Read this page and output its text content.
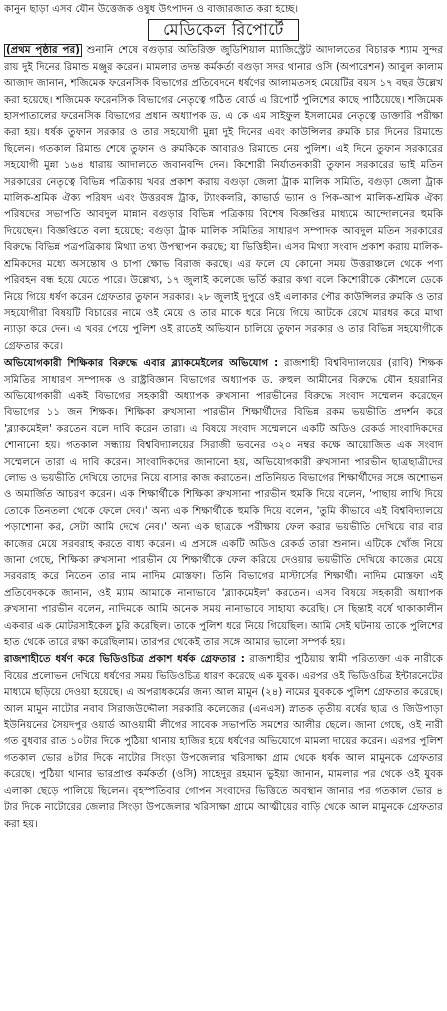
কানুন ছাড়া এসব যৌন উত্তেজক ওষুধ উৎপাদন ও বাজারজাত করা হচ্ছে।
মেডিকেল রিপোর্টে

(প্রথম পৃষ্ঠার পর) শুনানি শেষে বগুড়ার অতিরিক্ত জুডিশিয়াল ম্যাজিস্ট্রেট আদালতের বিচারক শ্যাম সুন্দর রায় দুই দিনের রিমান্ড মঞ্জুর করেন। মামলার তদন্ত কর্মকর্তা বগুড়া সদর থানার ওসি (অপারেশন) আবুল কালাম আজাদ জানান, শজিমেক ফরেনসিক বিভাগের প্রতিবেদনে ধর্ষণের আলামতসহ মেয়েটির বয়স ১৭ বছর উল্লেখ করা হয়েছে। শজিমেক ফরেনসিক বিভাগের নেতৃত্বে গঠিত বোর্ড এ রিপোর্ট পুলিশের কাছে পাঠিয়েছে। শজিমেক হাসপাতালের ফরেনসিক বিভাগের প্রধান অধ্যাপক ড. এ কে এম সাইফুল ইসলামের নেতৃত্বে ডাক্তারি পরীক্ষা করা হয়। ধর্ষক তুফান সরকার ও তার সহযোগী মুন্না দুই দিনের এবং কাউন্সিলর রুমকি চার দিনের রিমান্ডে ছিলেন। গতকাল রিমান্ড শেষে তুফান ও রুমকিকে আবারও রিমান্ডে নেয় পুলিশ। এই দিনে তুফান সরকারের সহযোগী মুন্না ১৬৪ ধারায় আদালতে জবানবন্দি দেন। কিশোরী নির্যাতনকারী তুফান সরকারের ভাই মতিন সরকারের নেতৃত্বে বিভিন্ন পত্রিকায় খবর প্রকাশ করায় বগুড়া জেলা ট্রাক মালিক সমিতি, বগুড়া জেলা ট্রাক মালিক-শ্রমিক ঐক্য পরিষদ এবং উত্তরবঙ্গ ট্রাক, ট্যাংকলরি, কাভার্ড ভ্যান ও পিক-আপ মালিক-শ্রমিক ঐক্য পরিষদের সভাপতি আবদুল মান্নান বগুড়ার বিভিন্ন পত্রিকায় বিশেষ বিজ্ঞপ্তির মাধ্যমে আন্দোলনের হুমকি দিয়েছেন। বিজ্ঞপ্তিতে বলা হয়েছে: বগুড়া ট্রাক মালিক সমিতির সাধারণ সম্পাদক আবদুল মতিন সরকারের বিরুদ্ধে বিভিন্ন পত্রপত্রিকায় মিথ্যা তথ্য উপস্থাপন করছে; যা ভিত্তিহীন। এসব মিথ্যা সংবাদ প্রকাশ করায় মালিক-শ্রমিকদের মধ্যে অসন্তোষ ও চাপা ক্ষোভ বিরাজ করছে। এর ফলে যে কোনো সময় উত্তরাঞ্চলে থেকে পণ্য পরিবহন বন্ধ হয়ে যেতে পারে। উল্লেখ্য, ১৭ জুলাই কলেজে ভর্তি করার কথা বলে কিশোরীকে কৌশলে ডেকে নিয়ে গিয়ে ধর্ষণ করেন গ্রেফতার তুফান সরকার। ২৮ জুলাই দুপুরে ওই এলাকার পৌর কাউন্সিলর রুমকি ও তার সহযোগীরা বিষয়টি বিচারের নামে ওই মেয়ে ও তার মাকে ধরে নিয়ে গিয়ে আটকে রেখে মারধর করে মাথা ন্যাড়া করে দেন। এ খবর পেয়ে পুলিশ ওই রাতেই অভিযান চালিয়ে তুফান সরকার ও তার বিভিন্ন সহযোগীকে গ্রেফতার করে।

অভিযোগকারী শিক্ষিকার বিরুদ্ধে এবার ব্ল্যাকমেইলের অভিযোগ : রাজশাহী বিশ্ববিদ্যালয়ের (রাবি) শিক্ষক সমিতির সাধারণ সম্পাদক ও রাষ্ট্রবিজ্ঞান বিভাগের অধ্যাপক ড. রুহুল আমীনের বিরুদ্ধে যৌন হয়রানির অভিযোগকারী একই বিভাগের সহকারী অধ্যাপক রুখসানা পারভীনের বিরুদ্ধে সংবাদ সম্মেলন করেছেন বিভাগের ১১ জন শিক্ষক। শিক্ষিকা রুখসানা পারভীন শিক্ষার্থীদের বিভিন্ন রকম ভয়ভীতি প্রদর্শন করে 'ব্ল্যাকমেইল' করতেন বলে দাবি করেন তারা। এ বিষয়ে সংবাদ সম্মেলনে একটি অডিও রেকর্ড সাংবাদিকদের শোনানো হয়। গতকাল সন্ধ্যায় বিশ্ববিদ্যালয়ের সিরাজী ভবনের ৩২০ নম্বর কক্ষে আয়োজিত এক সংবাদ সম্মেলনে তারা এ দাবি করেন। সাংবাদিকদের জানানো হয়, অভিযোগকারী রুখসানা পারভীন ছাত্রছাত্রীদের লোভ ও ভয়ভীতি দেখিয়ে তাদের নিয়ে বাসার কাজ করাতেন। প্রতিনিয়ত বিভাগের শিক্ষার্থীদের সঙ্গে অশোভন ও অমার্জিত আচরণ করেন। এক শিক্ষার্থীকে শিক্ষিকা রুখসানা পারভীন হুমকি দিয়ে বলেন, 'পাছায় লাথি দিয়ে তোকে তিনতলা থেকে ফেলে দেব।' অন্য এক শিক্ষার্থীকে হুমকি দিয়ে বলেন, 'তুমি কীভাবে এই বিশ্ববিদ্যালয়ে পড়াশোনা কর, সেটা আমি দেখে নেব।' অন্য এক ছাত্রকে পরীক্ষায় ফেল করার ভয়ভীতি দেখিয়ে বার বার কাজের মেয়ে সরবরাহ করতে বাধ্য করেন। এ প্রসঙ্গে একটি অডিও রেকর্ড তারা শুনান। এটিকে খোঁজ নিয়ে জানা গেছে, শিক্ষিকা রুখসানা পারভীন যে শিক্ষার্থীকে ফেল করিয়ে দেওয়ার ভয়ভীতি দেখিয়ে কাজের মেয়ে সরবরাহ করে নিতেন তার নাম নাদিম মোস্তফা। তিনি বিভাগের মাস্টার্সের শিক্ষার্থী। নাদিম মোস্তফা এই প্রতিবেদককে জানান, ওই ম্যাম আমাকে নানাভাবে 'ব্ল্যাকমেইল' করতেন। এসব বিষয়ে সহকারী অধ্যাপক রুখসানা পারভীন বলেন, নাদিমকে আমি অনেক সময় নানাভাবে সাহায্য করেছি। সে ছিন্তাই বর্ষে থাকাকালীন একবার এক মোটরসাইকেল চুরি করেছিল। তাকে পুলিশ ধরে নিয়ে গিয়েছিল। আমি সেই ঘটনায় তাকে পুলিশের হাত থেকে তারে রক্ষা করেছিলাম। তারপর থেকেই তার সঙ্গে আমার ভালো সম্পর্ক হয়।

রাজশাহীতে ধর্ষণ করে ভিডিওচিত্র প্রকাশ ধর্ষক গ্রেফতার : রাজশাহীর পুঠিয়ায় স্বামী পরিত্যক্তা এক নারীকে বিয়ের প্রলোভন দেখিয়ে ধর্ষণের সময় ভিডিওচিত্র ধারণ করেছে এক যুবক। এরপর ওই ভিডিওচিত্র ইন্টারনেটের মাধ্যমে ছড়িয়ে দেওয়া হয়েছে। এ অপরাধকর্মের জন্য আল মামুন (২৪) নামের যুবককে পুলিশ গ্রেফতার করেছে। আল মামুন নাটোর নবাব সিরাজউদ্দৌলা সরকারি কলেজের (এনএস) স্নাতক তৃতীয় বর্ষের ছাত্র ও জিউপাড়া ইউনিয়নের সৈয়দপুর ওয়ার্ড আওয়ামী লীগের সাবেক সভাপতি সমশের আলীর ছেলে। জানা গেছে, ওই নারী গত বুধবার রাত ১০টার দিকে পুঠিয়া থানায় হাজির হয়ে ধর্ষণের অভিযোগে মামলা দায়ের করেন। এরপর পুলিশ গতকাল ভোর ৪টার দিকে নাটোর সিংড়া উপজেলার খরিসাক্ষা গ্রাম থেকে ধর্ষক আল মামুনকে গ্রেফতার করেছে। পুঠিয়া থানার ভারপ্রাপ্ত কর্মকর্তা (ওসি) সাহেদুর রহমান ভুইয়া জানান, মামলার পর থেকে ওই যুবক এলাকা ছেড়ে পালিয়ে ছিলেন। বৃহস্পতিবার গোপন সংবাদের ভিত্তিতে অবস্থান জানার পর গতকাল ভোর ৪ টার দিকে নাটোরের জেলার সিংড়া উপজেলার খরিসাক্ষা গ্রামে আত্মীয়ের বাড়ি থেকে আল মামুনকে গ্রেফতার করা হয়।
